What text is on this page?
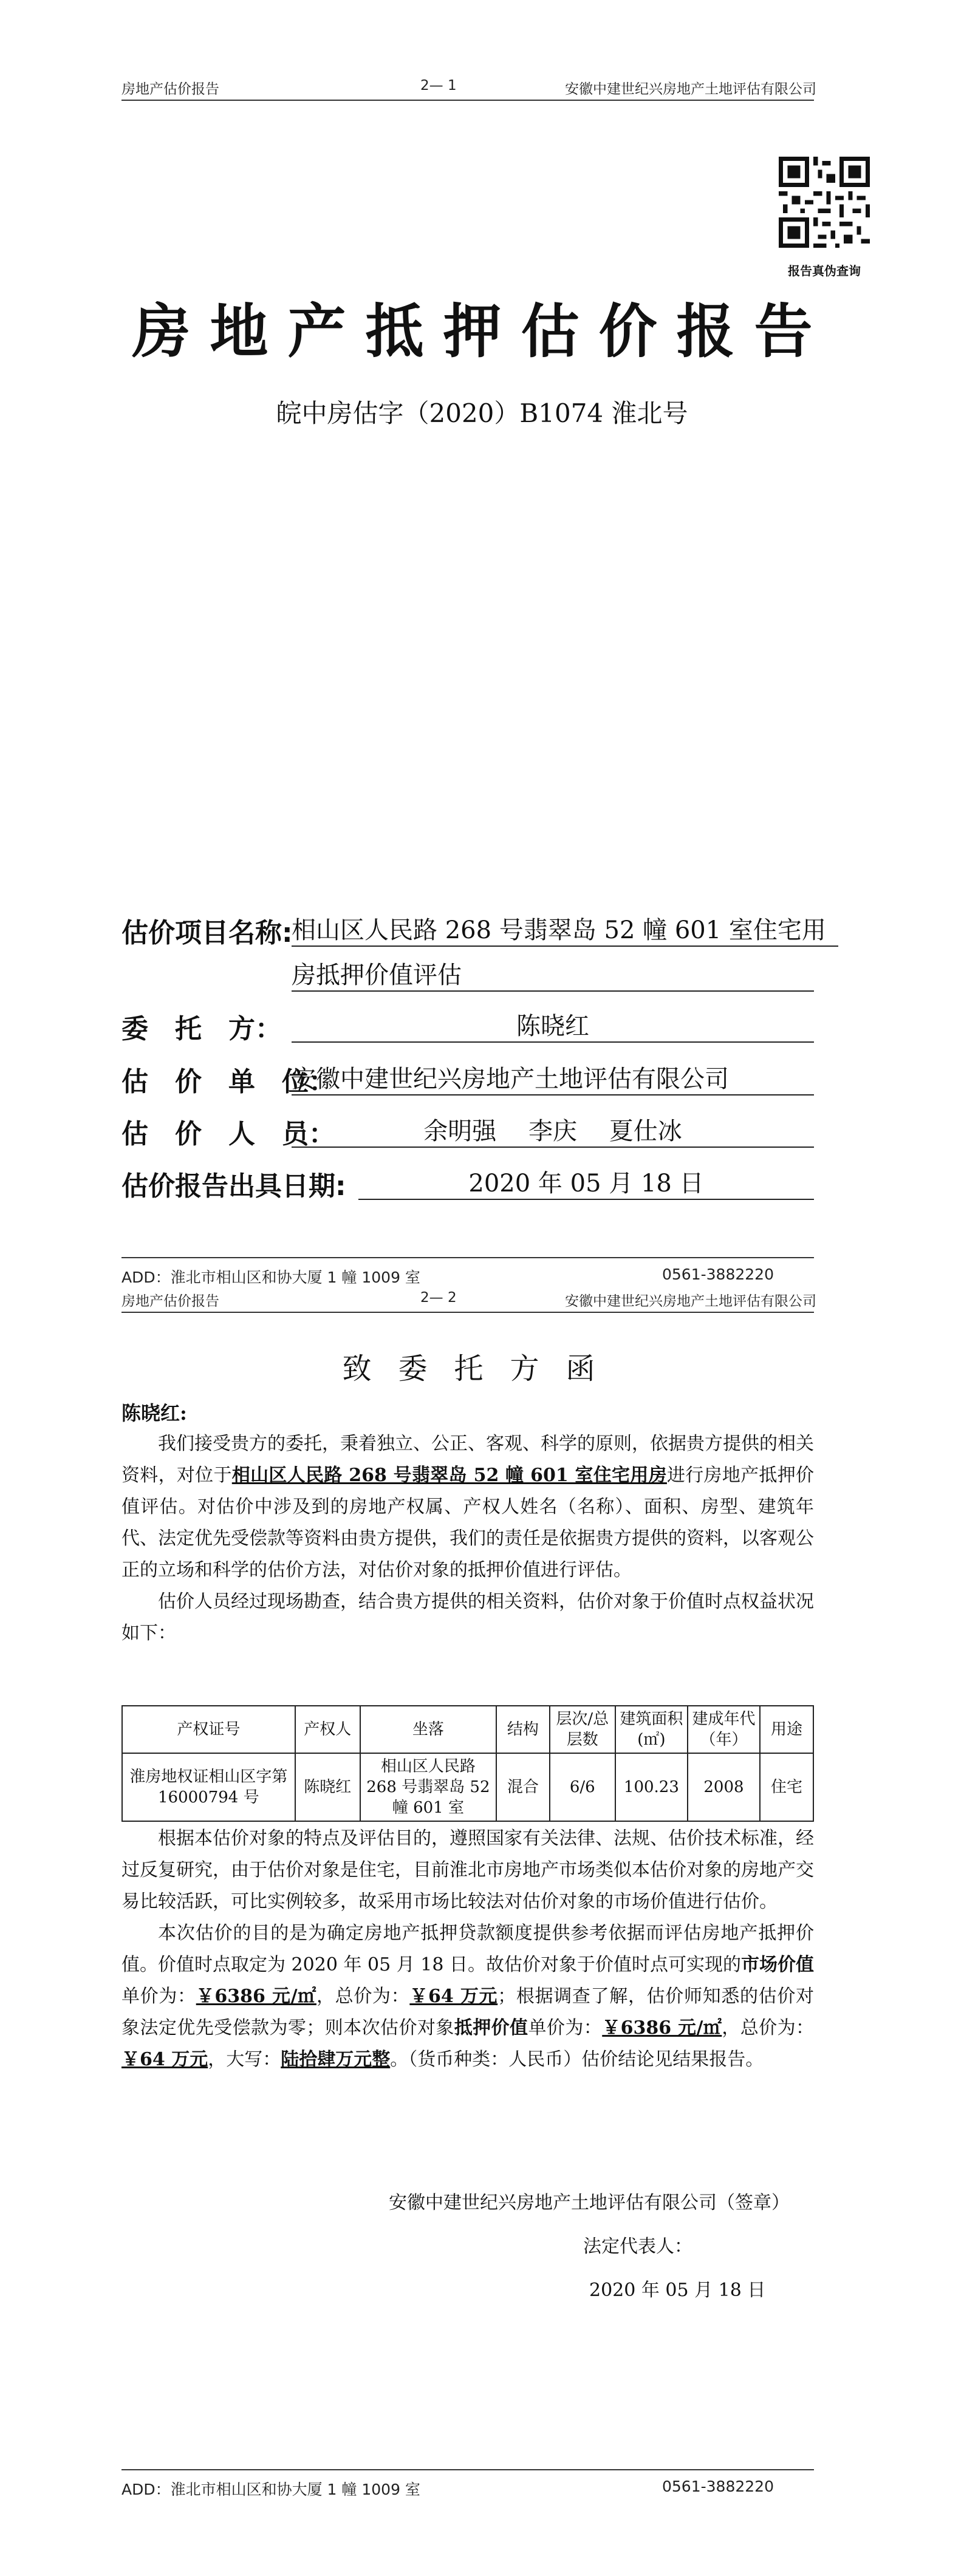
房地产估价报告	2— 1	安徽中建世纪兴房地产土地评估有限公司
报告真伪查询
房地产抵押估价报告
皖中房估字（2020）B1074 淮北号
估价项目名称:
相山区人民路 268 号翡翠岛 52 幢 601 室住宅用
房抵押价值评估
委　托　方：	陈晓红
估　价　单　位：
安徽中建世纪兴房地产土地评估有限公司
估　价　人　员：	余明强　 李庆　 夏仕冰
估价报告出具日期:	2020 年 05 月 18 日
ADD：淮北市相山区和协大厦 1 幢 1009 室	0561-3882220
房地产估价报告	2— 2	安徽中建世纪兴房地产土地评估有限公司
致委托方函
陈晓红:

我们接受贵方的委托，秉着独立、公正、客观、科学的原则，依据贵方提供的相关资料，对位于相山区人民路 268 号翡翠岛 52 幢 601 室住宅用房进行房地产抵押价值评估。对估价中涉及到的房地产权属、产权人姓名（名称）、面积、房型、建筑年代、法定优先受偿款等资料由贵方提供，我们的责任是依据贵方提供的资料，以客观公正的立场和科学的估价方法，对估价对象的抵押价值进行评估。

估价人员经过现场勘查，结合贵方提供的相关资料，估价对象于价值时点权益状况如下：

产权证号	产权人	坐落	结构	层次/总层数	建筑面积(㎡)	建成年代（年）	用途
淮房地权证相山区字第 16000794 号	陈晓红	相山区人民路 268 号翡翠岛 52 幢 601 室	混合	6/6	100.23	2008	住宅

根据本估价对象的特点及评估目的，遵照国家有关法律、法规、估价技术标准，经过反复研究，由于估价对象是住宅，目前淮北市房地产市场类似本估价对象的房地产交易比较活跃，可比实例较多，故采用市场比较法对估价对象的市场价值进行估价。

本次估价的目的是为确定房地产抵押贷款额度提供参考依据而评估房地产抵押价值。价值时点取定为 2020 年 05 月 18 日。故估价对象于价值时点可实现的市场价值单价为：￥6386 元/㎡，总价为：￥64 万元；根据调查了解，估价师知悉的估价对象法定优先受偿款为零；则本次估价对象抵押价值单价为：￥6386 元/㎡，总价为：￥64 万元，大写：陆拾肆万元整。（货币种类：人民币）估价结论见结果报告。

安徽中建世纪兴房地产土地评估有限公司（签章）
法定代表人：
2020 年 05 月 18 日
ADD：淮北市相山区和协大厦 1 幢 1009 室	0561-3882220
